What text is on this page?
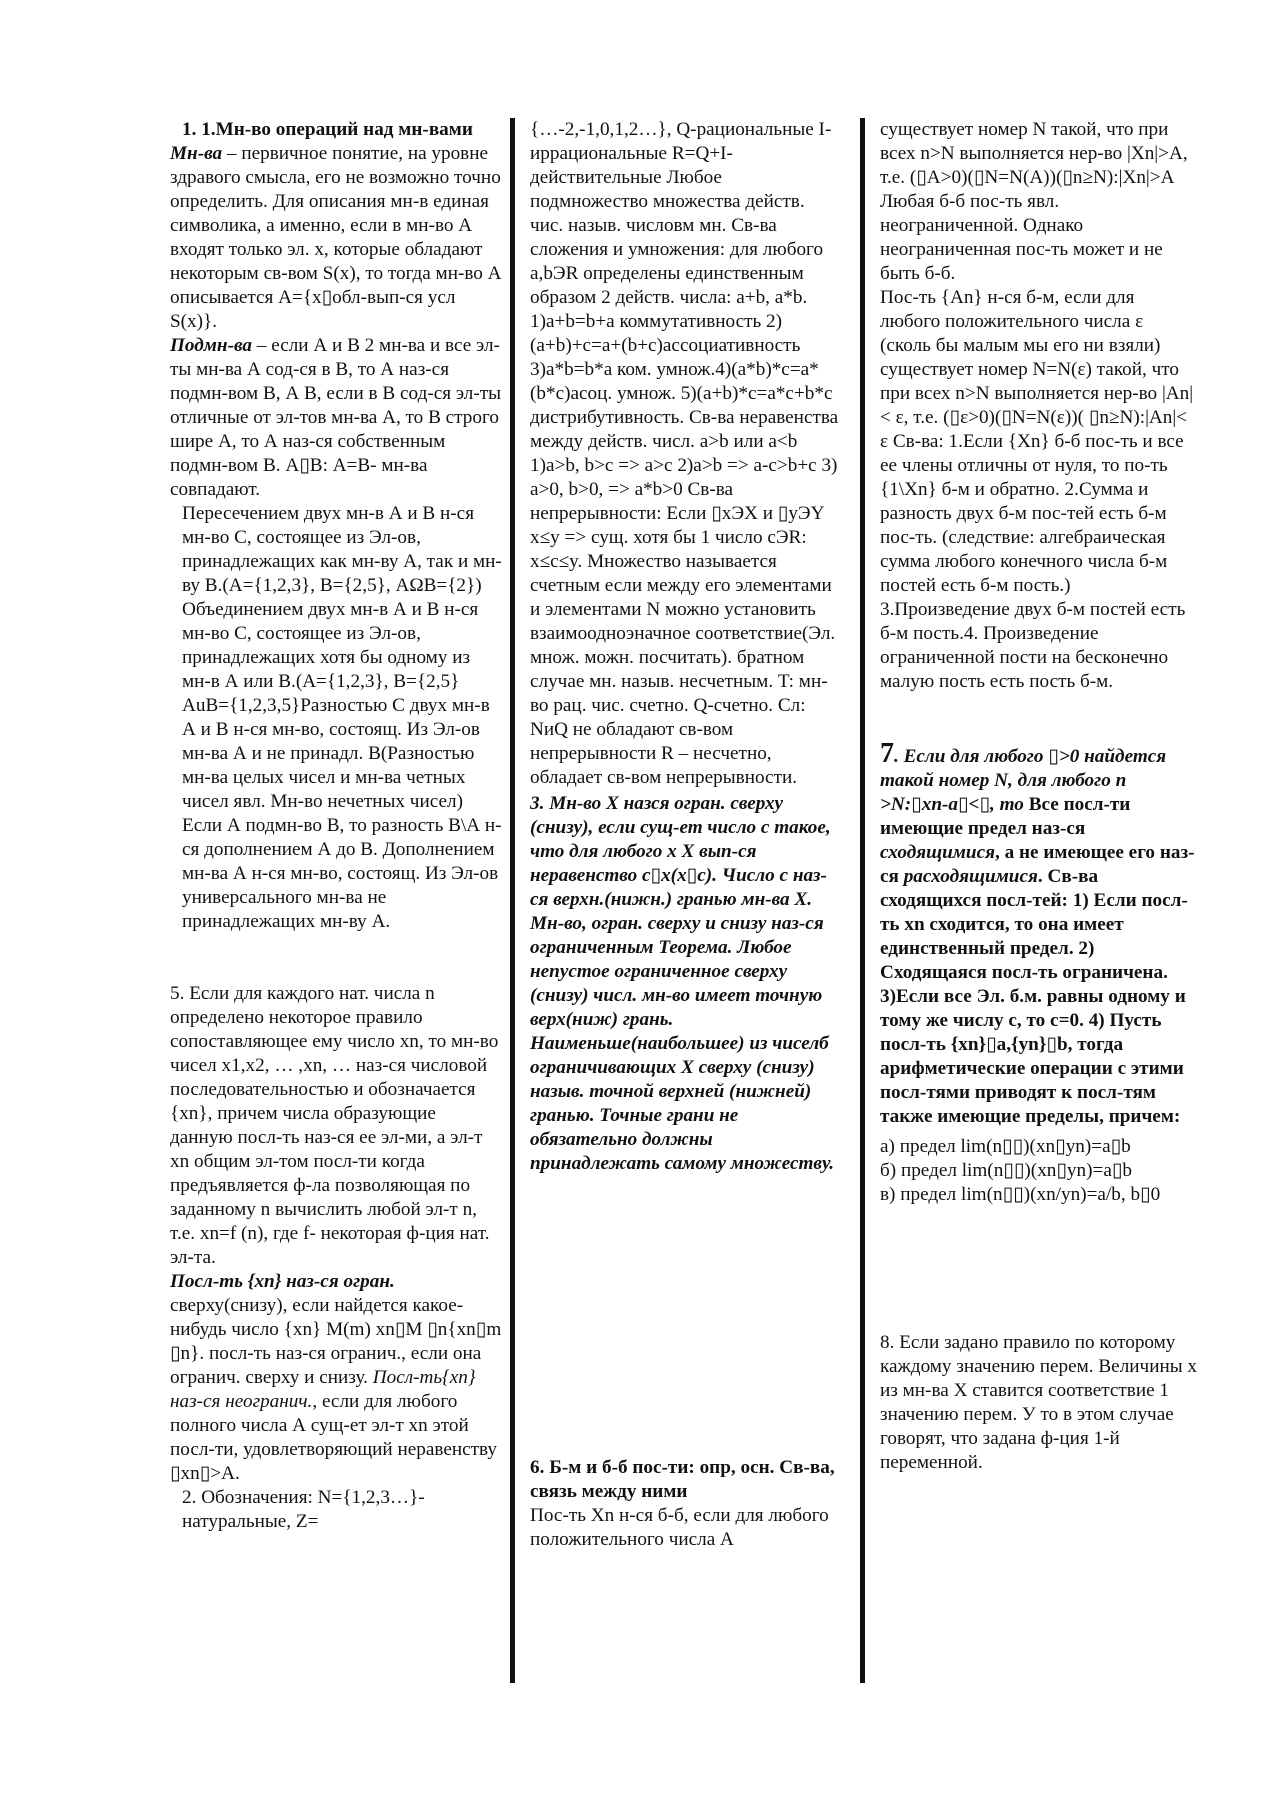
1. 1.Мн-во операций над мн-вами

Мн-ва – первичное понятие, на уровне здравого смысла, его не возможно точно определить. Для описания мн-в единая символика, а именно, если в мн-во А входят только эл. х, которые обладают некоторым св-вом S(x), то тогда мн-во А описывается А={х▯обл-вып-ся усл S(x)}.

Подмн-ва – если А и В 2 мн-ва и все эл-ты мн-ва А сод-ся в В, то А наз-ся подмн-вом В, А В, если в В сод-ся эл-ты отличные от эл-тов мн-ва А, то В строго шире А, то А наз-ся собственным подмн-вом В. А▯В: А=В- мн-ва совпадают.

Пересечением двух мн-в А и В н-ся мн-во С, состоящее из Эл-ов, принадлежащих как мн-ву А, так и мн-ву В.(А={1,2,3}, В={2,5}, AΩB={2}) Объединением двух мн-в А и В н-ся мн-во С, состоящее из Эл-ов, принадлежащих хотя бы одному из мн-в А или В.(А={1,2,3}, В={2,5} AuB={1,2,3,5}Разностью С двух мн-в А и В н-ся мн-во, состоящ. Из Эл-ов мн-ва А и не принадл. В(Разностью мн-ва целых чисел и мн-ва четных чисел явл. Мн-во нечетных чисел) Если А подмн-во В, то разность В\А н-ся дополнением А до В. Дополнением мн-ва А н-ся мн-во, состоящ. Из Эл-ов универсального мн-ва не принадлежащих мн-ву А.

5. Если для каждого нат. числа n определено некоторое правило сопоставляющее ему число xn, то мн-во чисел x1,x2, … ,xn, … наз-ся числовой последовательностью и обозначается {xn}, причем числа образующие данную посл-ть наз-ся ее эл-ми, а эл-т xn общим эл-том посл-ти когда предъявляется ф-ла позволяющая по заданному n вычислить любой эл-т n, т.е. xn=f (n), где f- некоторая ф-ция нат. эл-та.

Посл-ть {xn} наз-ся огран. сверху(снизу), если найдется какое-нибудь число {xn} M(m) xn▯M ▯n{xn▯m ▯n}. посл-ть наз-ся огранич., если она огранич. сверху и снизу. Посл-ть{xn} наз-ся неогранич., если для любого полного числа А сущ-ет эл-т xn этой посл-ти, удовлетворяющий неравенству ▯xn▯>A.

2. Обозначения: N={1,2,3…}- натуральные, Z=

{…-2,-1,0,1,2…}, Q-рациональные I-иррациональные R=Q+I-действительные Любое подмножество множества действ. чис. назыв. числовм мн. Св-ва сложения и умножения: для любого a,bЭR определены единственным образом 2 действ. числа: a+b, a*b. 1)a+b=b+a коммутативность 2)(a+b)+c=a+(b+c)ассоциативность 3)a*b=b*a ком. умнож.4)(a*b)*c=a*(b*c)асоц. умнож. 5)(a+b)*c=a*c+b*c дистрибутивность. Св-ва неравенства между действ. числ. a>b или a<b 1)a>b, b>c => a>c 2)a>b => a-c>b+c 3) a>0, b>0, => a*b>0 Св-ва непрерывности: Если ▯xЭX и ▯yЭY x≤y => сущ. хотя бы 1 число cЭR: x≤c≤y. Множество называется счетным если между его элементами и элементами N можно установить взаимоодноэначное соответствие(Эл. множ. можн. посчитать). братном случае мн. назыв. несчетным. T: мн-во рац. чис. счетно. Q-счетно. Сл: NиQ не обладают св-вом непрерывности R – несчетно, обладает св-вом непрерывности.

3. Мн-во Х назся огран. сверху (снизу), если сущ-ет число с такое, что для любого х Х вып-ся неравенство с▯х(х▯с). Число с наз-ся верхн.(нижн.) гранью мн-ва Х. Мн-во, огран. сверху и снизу наз-ся ограниченным Теорема. Любое непустое ограниченное сверху (снизу) числ. мн-во имеет точную верх(ниж) грань. Наименьше(наибольшее) из чиселб ограничивающих Х сверху (снизу) назыв. точной верхней (нижней) гранью. Точные грани не обязательно должны принадлежать самому множеству.

6. Б-м и б-б пос-ти: опр, осн. Св-ва, связь между ними

Пос-ть Xn н-ся б-б, если для любого положительного числа А

существует номер N такой, что при всех n>N выполняется нер-во |Xn|>A, т.е. (▯A>0)(▯N=N(A))(▯n≥N):|Xn|>A Любая б-б пос-ть явл. неограниченной. Однако неограниченная пос-ть может и не быть б-б.

Пос-ть {An} н-ся б-м, если для любого положительного числа ε (сколь бы малым мы его ни взяли) существует номер N=N(ε) такой, что при всех n>N выполняется нер-во |An|< ε, т.е. (▯ε>0)(▯N=N(ε))( ▯n≥N):|An|< ε Св-ва: 1.Если {Xn} б-б пос-ть и все ее члены отличны от нуля, то по-ть {1\Xn} б-м и обратно. 2.Сумма и разность двух б-м пос-тей есть б-м пос-ть. (следствие: алгебраическая сумма любого конечного числа б-м постей есть б-м пость.) 3.Произведение двух б-м постей есть б-м пость.4. Произведение ограниченной пости на бесконечно малую пость есть пость б-м.

7. Если для любого ▯>0 найдется такой номер N, для любого n >N:▯xn-a▯<▯, то Все посл-ти имеющие предел наз-ся сходящимися, а не имеющее его наз-ся расходящимися. Св-ва сходящихся посл-тей: 1) Если посл-ть xn сходится, то она имеет единственный предел. 2) Сходящаяся посл-ть ограничена. 3)Если все Эл. б.м. равны одному и тому же числу с, то с=0. 4) Пусть посл-ть {xn}▯а,{yn}▯b, тогда арифметические операции с этими посл-тями приводят к посл-тям также имеющие пределы, причем:

а) предел lim(n▯▯)(xn▯yn)=a▯b

б) предел lim(n▯▯)(xn▯yn)=a▯b

в) предел lim(n▯▯)(xn/yn)=a/b, b▯0

8. Если задано правило по которому каждому значению перем. Величины х из мн-ва Х ставится соответствие 1 значению перем. У то в этом случае говорят, что задана ф-ция 1-й переменной.
